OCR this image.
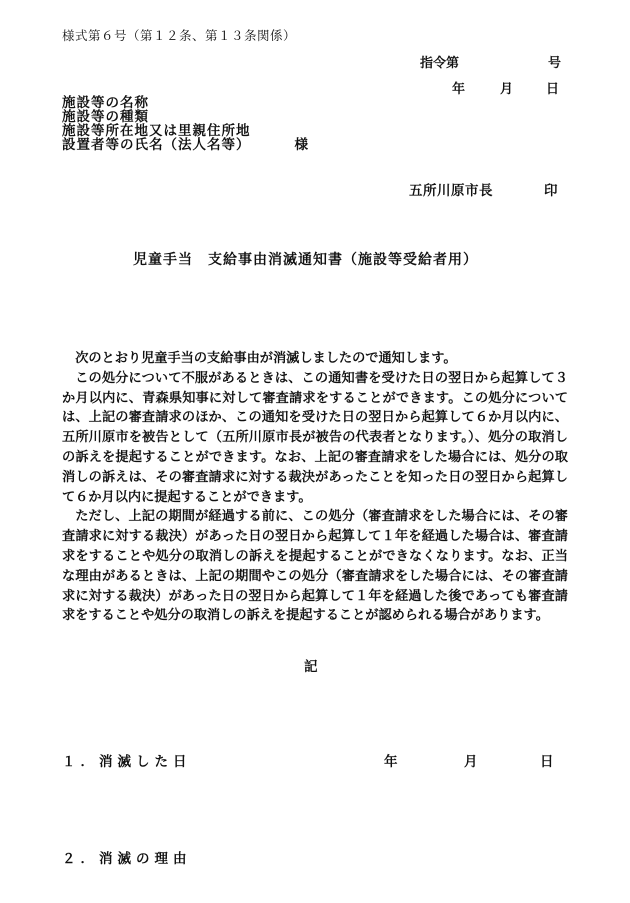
様式第６号（第１２条、第１３条関係）
指令第	号
年	月	日
施設等の名称
施設等の種類
施設等所在地又は里親住所地
設置者等の氏名（法人名等）	様
五所川原市長	印
児童手当　支給事由消滅通知書（施設等受給者用）

次のとおり児童手当の支給事由が消滅しましたので通知します。

この処分について不服があるときは、この通知書を受けた日の翌日から起算して３か月以内に、青森県知事に対して審査請求をすることができます。この処分については、上記の審査請求のほか、この通知を受けた日の翌日から起算して６か月以内に、五所川原市を被告として（五所川原市長が被告の代表者となります。）、処分の取消しの訴えを提起することができます。なお、上記の審査請求をした場合には、処分の取消しの訴えは、その審査請求に対する裁決があったことを知った日の翌日から起算して６か月以内に提起することができます。

ただし、上記の期間が経過する前に、この処分（審査請求をした場合には、その審査請求に対する裁決）があった日の翌日から起算して１年を経過した場合は、審査請求をすることや処分の取消しの訴えを提起することができなくなります。なお、正当な理由があるときは、上記の期間やこの処分（審査請求をした場合には、その審査請求に対する裁決）があった日の翌日から起算して１年を経過した後であっても審査請求をすることや処分の取消しの訴えを提起することが認められる場合があります。

記
１．消滅した日	年	月	日
２．消滅の理由
